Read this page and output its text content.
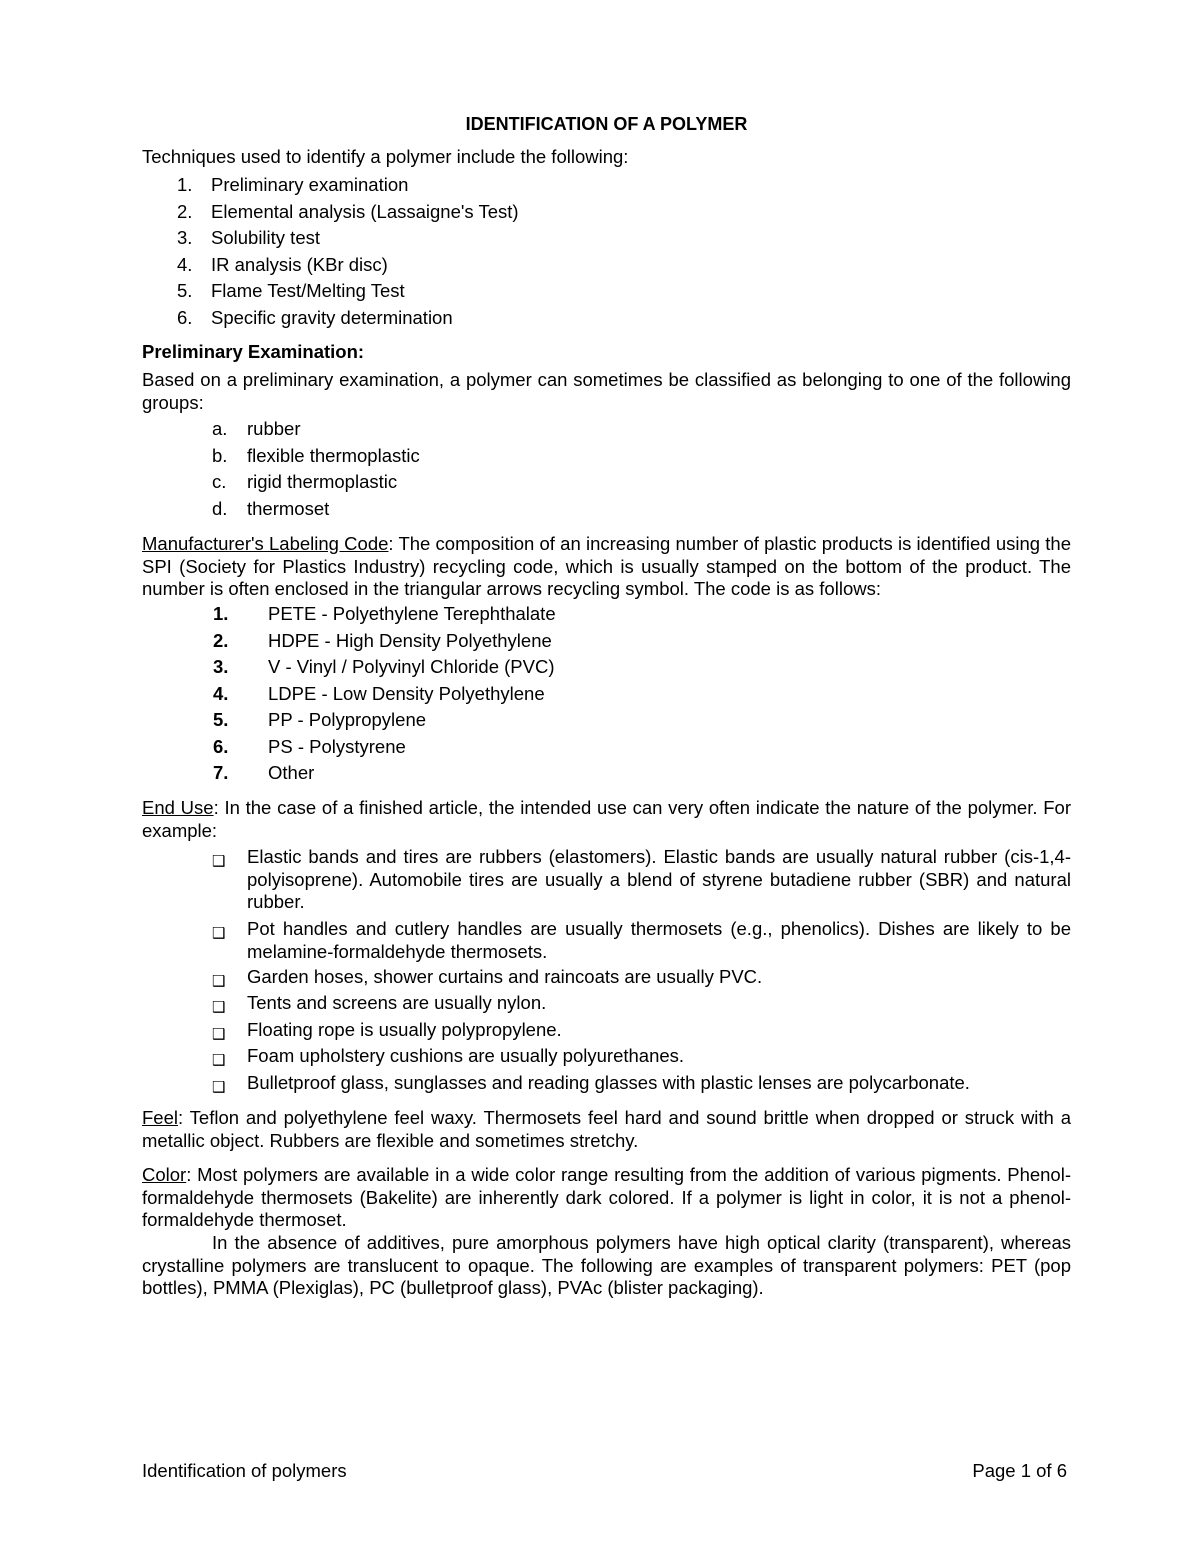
IDENTIFICATION OF A POLYMER
Techniques used to identify a polymer include the following:
1. Preliminary examination
2. Elemental analysis (Lassaigne's Test)
3. Solubility test
4. IR analysis (KBr disc)
5. Flame Test/Melting Test
6. Specific gravity determination
Preliminary Examination:
Based on a preliminary examination, a polymer can sometimes be classified as belonging to one of the following groups:
a. rubber
b. flexible thermoplastic
c. rigid thermoplastic
d. thermoset
Manufacturer's Labeling Code: The composition of an increasing number of plastic products is identified using the SPI (Society for Plastics Industry) recycling code, which is usually stamped on the bottom of the product. The number is often enclosed in the triangular arrows recycling symbol. The code is as follows:
1. PETE - Polyethylene Terephthalate
2. HDPE - High Density Polyethylene
3. V - Vinyl / Polyvinyl Chloride (PVC)
4. LDPE - Low Density Polyethylene
5. PP - Polypropylene
6. PS - Polystyrene
7. Other
End Use: In the case of a finished article, the intended use can very often indicate the nature of the polymer. For example:
❑ Elastic bands and tires are rubbers (elastomers). Elastic bands are usually natural rubber (cis-1,4-polyisoprene). Automobile tires are usually a blend of styrene butadiene rubber (SBR) and natural rubber.
❑ Pot handles and cutlery handles are usually thermosets (e.g., phenolics). Dishes are likely to be melamine-formaldehyde thermosets.
❑ Garden hoses, shower curtains and raincoats are usually PVC.
❑ Tents and screens are usually nylon.
❑ Floating rope is usually polypropylene.
❑ Foam upholstery cushions are usually polyurethanes.
❑ Bulletproof glass, sunglasses and reading glasses with plastic lenses are polycarbonate.
Feel: Teflon and polyethylene feel waxy. Thermosets feel hard and sound brittle when dropped or struck with a metallic object. Rubbers are flexible and sometimes stretchy.
Color: Most polymers are available in a wide color range resulting from the addition of various pigments. Phenol-formaldehyde thermosets (Bakelite) are inherently dark colored. If a polymer is light in color, it is not a phenol-formaldehyde thermoset.
In the absence of additives, pure amorphous polymers have high optical clarity (transparent), whereas crystalline polymers are translucent to opaque. The following are examples of transparent polymers: PET (pop bottles), PMMA (Plexiglas), PC (bulletproof glass), PVAc (blister packaging).
Identification of polymers	Page 1 of 6
